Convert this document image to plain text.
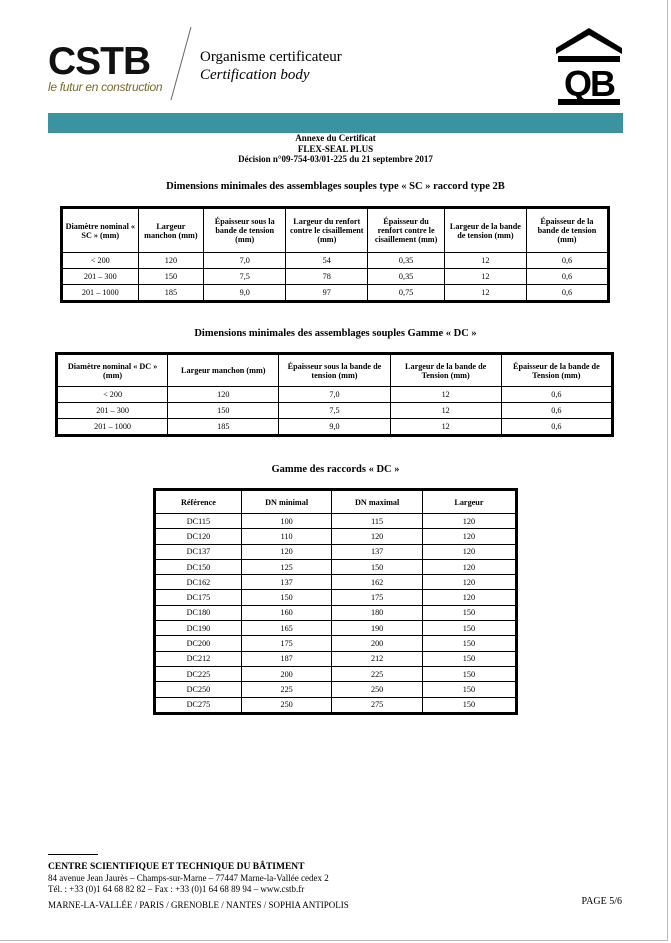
CSTB
le futur en construction
Organisme certificateur
Certification body	QB
Annexe du Certificat
FLEX-SEAL PLUS
Décision n°09-754-03/01-225 du 21 septembre 2017
Dimensions minimales des assemblages souples type « SC » raccord type 2B
Diamètre nominal « SC » (mm)	Largeur manchon (mm)	Épaisseur sous la bande de tension (mm)	Largeur du renfort contre le cisaillement (mm)	Épaisseur du renfort contre le cisaillement (mm)	Largeur de la bande de tension (mm)	Épaisseur de la bande de tension (mm)
< 200	120	7,0	54	0,35	12	0,6
201 – 300	150	7,5	78	0,35	12	0,6
201 – 1000	185	9,0	97	0,75	12	0,6
Dimensions minimales des assemblages souples Gamme « DC »
Diamètre nominal « DC » (mm)	Largeur manchon (mm)	Épaisseur sous la bande de tension (mm)	Largeur de la bande de Tension (mm)	Épaisseur de la bande de Tension (mm)
< 200	120	7,0	12	0,6
201 – 300	150	7,5	12	0,6
201 – 1000	185	9,0	12	0,6
Gamme des raccords « DC »
Référence	DN minimal	DN maximal	Largeur
DC115	100	115	120
DC120	110	120	120
DC137	120	137	120
DC150	125	150	120
DC162	137	162	120
DC175	150	175	120
DC180	160	180	150
DC190	165	190	150
DC200	175	200	150
DC212	187	212	150
DC225	200	225	150
DC250	225	250	150
DC275	250	275	150
CENTRE SCIENTIFIQUE ET TECHNIQUE DU BÂTIMENT
84 avenue Jean Jaurès – Champs-sur-Marne – 77447 Marne-la-Vallée cedex 2
Tél. : +33 (0)1 64 68 82 82 – Fax : +33 (0)1 64 68 89 94 – www.cstb.fr
MARNE-LA-VALLÉE / PARIS / GRENOBLE / NANTES / SOPHIA ANTIPOLIS	PAGE 5/6
